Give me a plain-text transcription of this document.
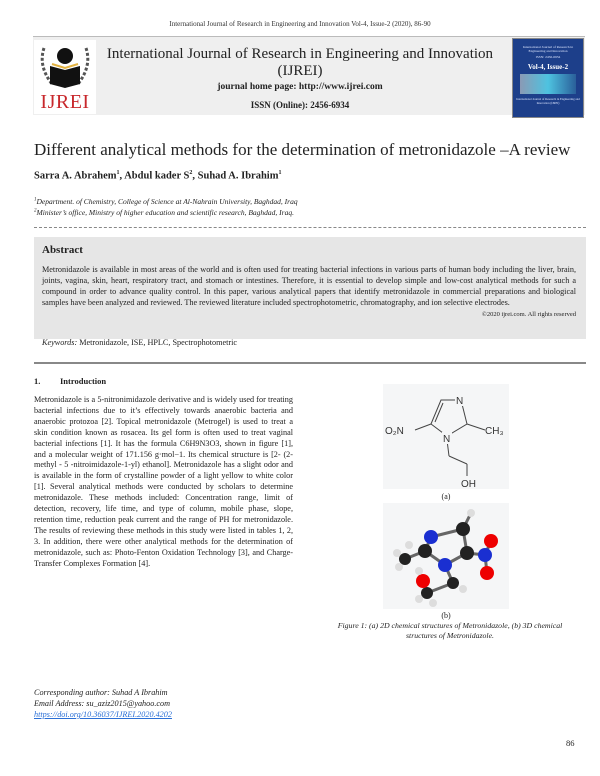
International Journal of Research in Engineering and Innovation Vol-4, Issue-2 (2020), 86-90
IJREI
International Journal of Research in Engineering and Innovation
(IJREI)
journal home page: http://www.ijrei.com
ISSN (Online): 2456-6934
International Journal of Research in Engineering and Innovation
ISSN: 2456-6934
Vol-4, Issue-2
International Journal of Research in Engineering and Innovation (IJREI)
Different analytical methods for the determination of metronidazole –A review
Sarra A. Abrahem$^1$, Abdul kader $S^2$, Suhad A. Ibrahim$^1$
$^1$Department. of Chemistry, College of Science at Al-Nahrain University, Baghdad, Iraq
$^2$Minister’s office, Ministry of higher education and scientific research, Baghdad, Iraq.
Abstract
Metronidazole is available in most areas of the world and is often used for treating bacterial infections in various parts of human body including the liver, brain, joints, vagina, skin, heart, respiratory tract, and stomach or intestines. Therefore, it is essential to develop simple and low-cost analytical methods for such a compound in order to advance quality control. In this paper, various analytical papers that identify metronidazole in commercial preparations and biological samples have been analyzed and reviewed. The reviewed literature included spectrophotometric, chromatography, and ion selective electrodes.
©2020 ijrei.com. All rights reserved
Keywords: Metronidazole, ISE, HPLC, Spectrophotometric
1. Introduction
Metronidazole is a 5-nitronimidazole derivative and is widely used for treating bacterial infections due to it’s effectively towards anaerobic bacteria and anaerobic protozoa [2]. Topical metronidazole (Metrogel) is used to treat a skin condition known as rosacea. Its gel form is often used to treat vaginal bacterial infections [1]. It has the formula C6H9N3O3, shown in figure [1], and a molecular weight of 171.156 g·mol−1. Its chemical structure is [2- (2- methyl - 5 -nitroimidazole-1-yl) ethanol]. Metronidazole has a slight odor and is available in the form of crystalline powder of a light yellow to white color [1]. Several analytical methods were conducted by scholars to determine metronidazole. These methods included: Concentration range, limit of detection, recovery, life time, and type of column, mobile phase, slope, retention time, reduction peak current and the range of PH for metronidazole. The results of reviewing these methods in this study were listed in tables 1, 2, 3. In addition, there were other analytical methods for the determination of metronidazole, such as: Photo-Fenton Oxidation Technology [3], and Charge-Transfer Complexes Formation [4].
N
N
O₂N	CH₃
OH
(a)
(b)
Figure 1: (a) 2D chemical structures of Metronidazole, (b) 3D chemical structures of Metronidazole.
Corresponding author: Suhad A Ibrahim
Email Address: su_aziz2015@yahoo.com
https://doi.org/10.36037/IJREI.2020.4202
86
